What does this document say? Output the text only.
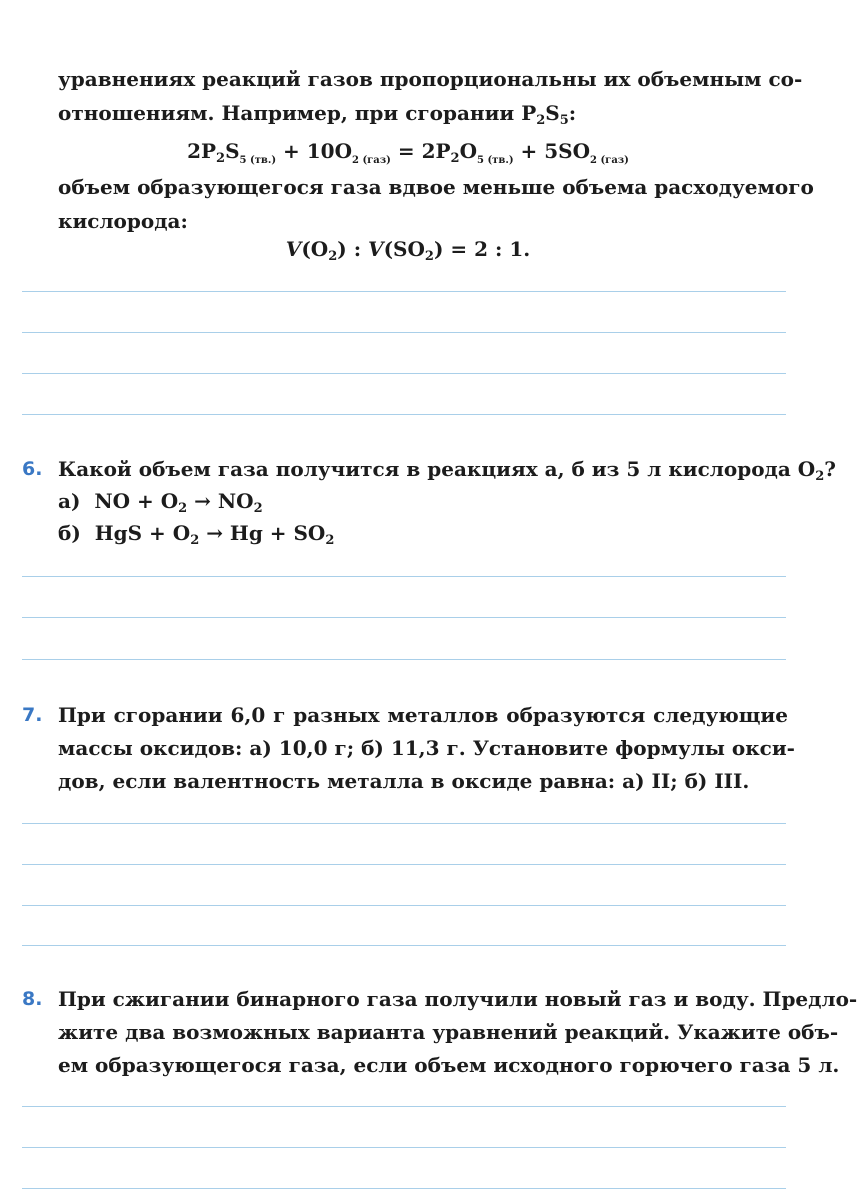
уравнениях реакций газов пропорциональны их объемным со-
отношениям. Например, при сгорании $P_2S_5$:
$2P_2S_{5 (тв.)} + 10O_{2 (газ)} = 2P_2O_{5 (тв.)} + 5SO_{2 (газ)}$
объем образующегося газа вдвое меньше объема расходуемого
кислорода:
$V(O_2)$ : $V(SO_2) = 2$ : 1.
6. Какой объем газа получится в реакциях а, б из 5 л кислорода $O_2$?
а) NO + $O_2 \to NO_2$
б) HgS + $O_2 \to Hg + SO_2$
7. При сгорании 6,0 г разных металлов образуются следующие
массы оксидов: а) 10,0 г; б) 11,3 г. Установите формулы окси-
дов, если валентность металла в оксиде равна: а) II; б) III.
8. При сжигании бинарного газа получили новый газ и воду. Предло-
жите два возможных варианта уравнений реакций. Укажите объ-
ем образующегося газа, если объем исходного горючего газа 5 л.
